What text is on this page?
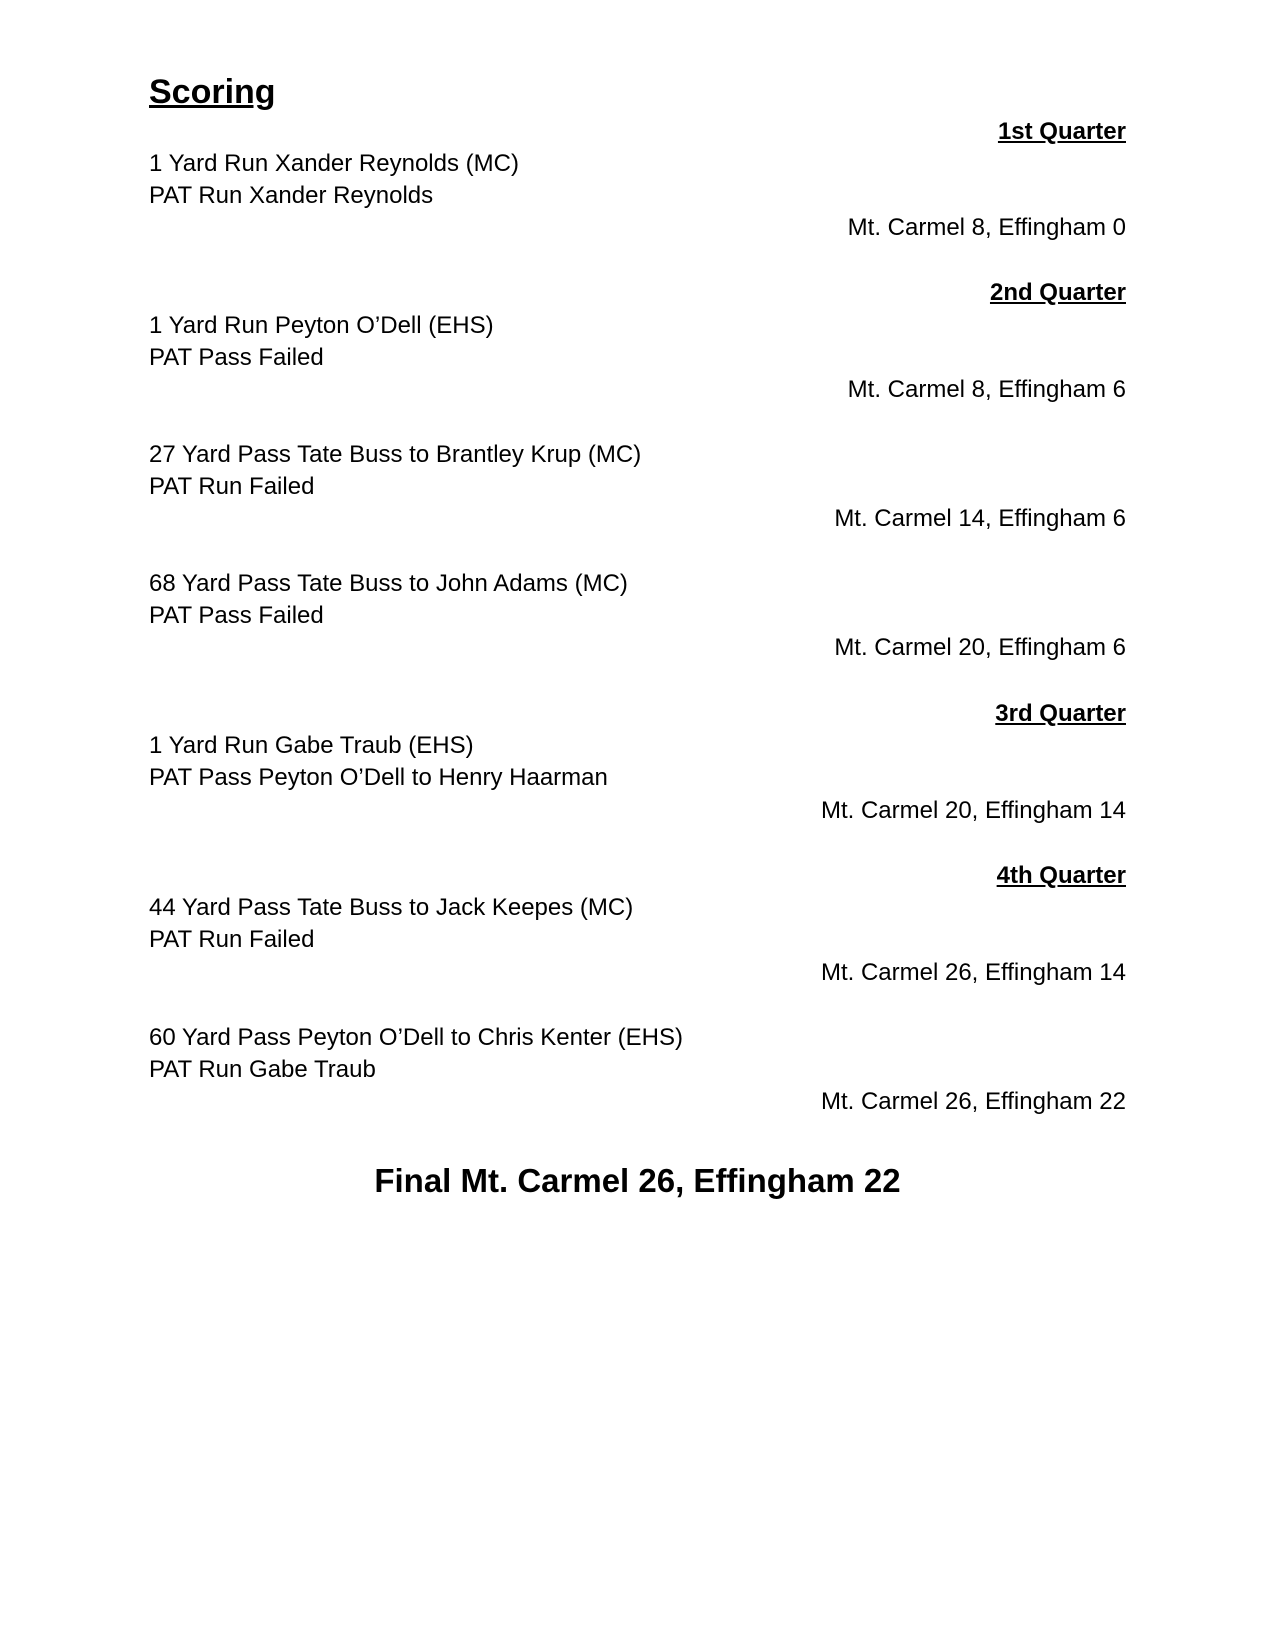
Scoring
1st Quarter
1 Yard Run Xander Reynolds (MC)
PAT Run Xander Reynolds
Mt. Carmel 8, Effingham 0
2nd Quarter
1 Yard Run Peyton O’Dell (EHS)
PAT Pass Failed
Mt. Carmel 8, Effingham 6
27 Yard Pass Tate Buss to Brantley Krup (MC)
PAT Run Failed
Mt. Carmel 14, Effingham 6
68 Yard Pass Tate Buss to John Adams (MC)
PAT Pass Failed
Mt. Carmel 20, Effingham 6
3rd Quarter
1 Yard Run Gabe Traub (EHS)
PAT Pass Peyton O’Dell to Henry Haarman
Mt. Carmel 20, Effingham 14
4th Quarter
44 Yard Pass Tate Buss to Jack Keepes (MC)
PAT Run Failed
Mt. Carmel 26, Effingham 14
60 Yard Pass Peyton O’Dell to Chris Kenter (EHS)
PAT Run Gabe Traub
Mt. Carmel 26, Effingham 22
Final Mt. Carmel 26, Effingham 22
